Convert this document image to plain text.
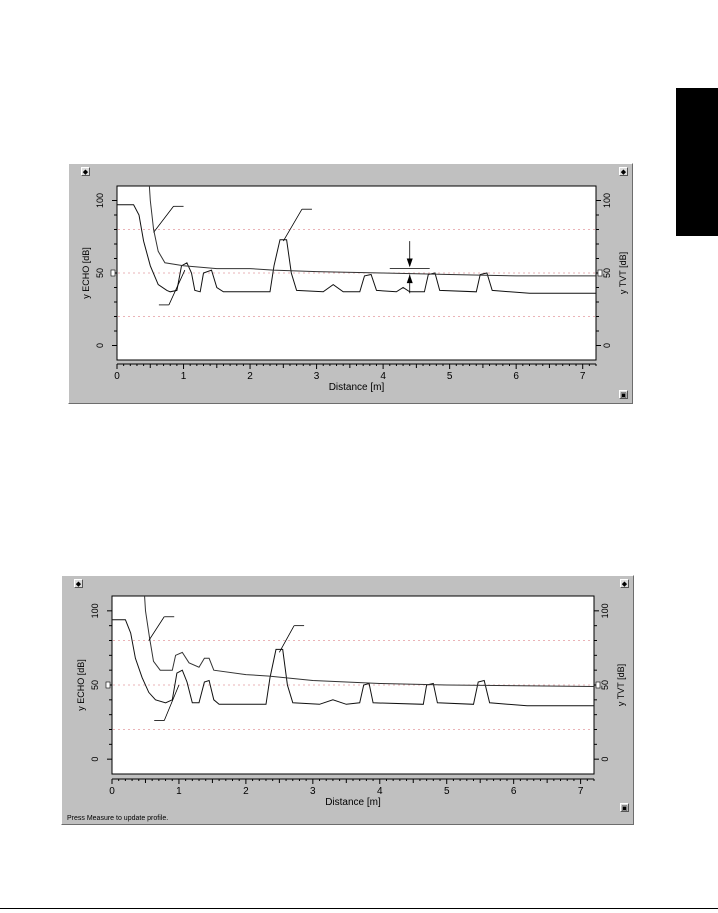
◆	◆
▣
0	0
50	50
100	100
y ECHO [dB]	y TVT [dB]
0	1	2	3	4	5	6	7
Distance [m]
◆	◆
▣
0	0
50	50
100	100
y ECHO [dB]	y TVT [dB]
0	1	2	3	4	5	6	7
Distance [m]
Press Measure to update profile.
